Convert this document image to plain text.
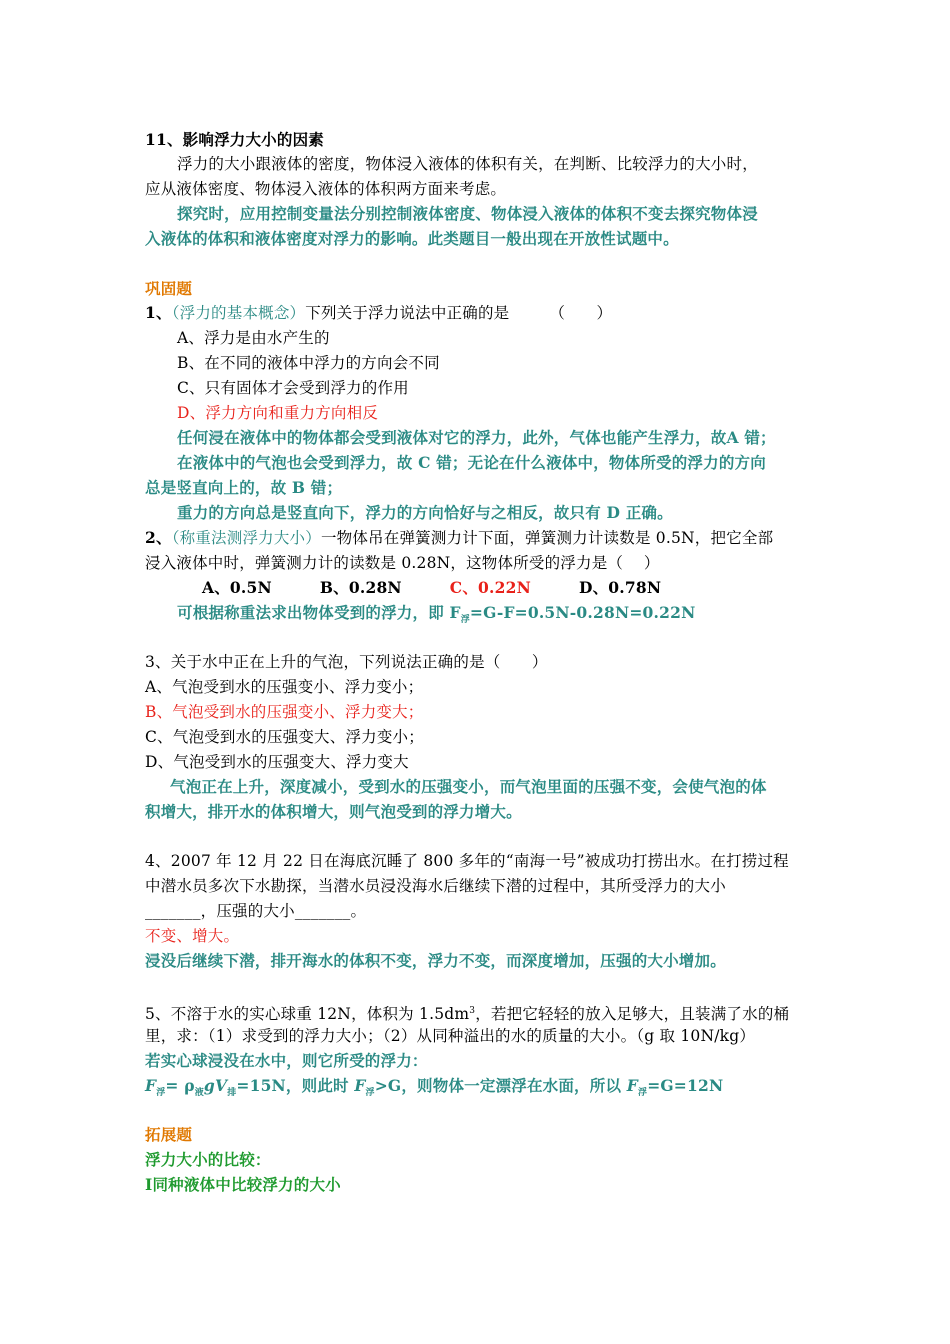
11、影响浮力大小的因素
浮力的大小跟液体的密度，物体浸入液体的体积有关，在判断、比较浮力的大小时，
应从液体密度、物体浸入液体的体积两方面来考虑。
探究时，应用控制变量法分别控制液体密度、物体浸入液体的体积不变去探究物体浸
入液体的体积和液体密度对浮力的影响。此类题目一般出现在开放性试题中。
巩固题
1、（浮力的基本概念）下列关于浮力说法中正确的是	（　　）
A、浮力是由水产生的
B、在不同的液体中浮力的方向会不同
C、只有固体才会受到浮力的作用
D、浮力方向和重力方向相反
任何浸在液体中的物体都会受到液体对它的浮力，此外，气体也能产生浮力，故A 错；
在液体中的气泡也会受到浮力，故 C 错；无论在什么液体中，物体所受的浮力的方向
总是竖直向上的，故 B 错；
重力的方向总是竖直向下，浮力的方向恰好与之相反，故只有 D 正确。
2、（称重法测浮力大小）一物体吊在弹簧测力计下面，弹簧测力计读数是 0.5N，把它全部
浸入液体中时，弹簧测力计的读数是 0.28N，这物体所受的浮力是（　 ）
A、0.5N	B、0.28N	C、0.22N	D、0.78N
可根据称重法求出物体受到的浮力，即 $F_浮=G-F=0.5N-0.28N=0.22N$
3、关于水中正在上升的气泡，下列说法正确的是（　　）
A、气泡受到水的压强变小、浮力变小；
B、气泡受到水的压强变小、浮力变大；
C、气泡受到水的压强变大、浮力变小；
D、气泡受到水的压强变大、浮力变大
气泡正在上升，深度减小，受到水的压强变小，而气泡里面的压强不变，会使气泡的体
积增大，排开水的体积增大，则气泡受到的浮力增大。
4、2007 年 12 月 22 日在海底沉睡了 800 多年的“南海一号”被成功打捞出水。在打捞过程
中潜水员多次下水勘探，当潜水员浸没海水后继续下潜的过程中，其所受浮力的大小
_______，压强的大小_______。
不变、增大。
浸没后继续下潜，排开海水的体积不变，浮力不变，而深度增加，压强的大小增加。
5、不溶于水的实心球重 12N，体积为 $1.5dm^3$，若把它轻轻的放入足够大，且装满了水的桶
里，求：（1）求受到的浮力大小；（2）从同种溢出的水的质量的大小。（g 取 10N/kg）
若实心球浸没在水中，则它所受的浮力：
$F_浮= \rho_液gV_排=15N$，则此时 $F_浮>G$，则物体一定漂浮在水面，所以 $F_浮=G=12N$
拓展题
浮力大小的比较：
Ⅰ同种液体中比较浮力的大小
